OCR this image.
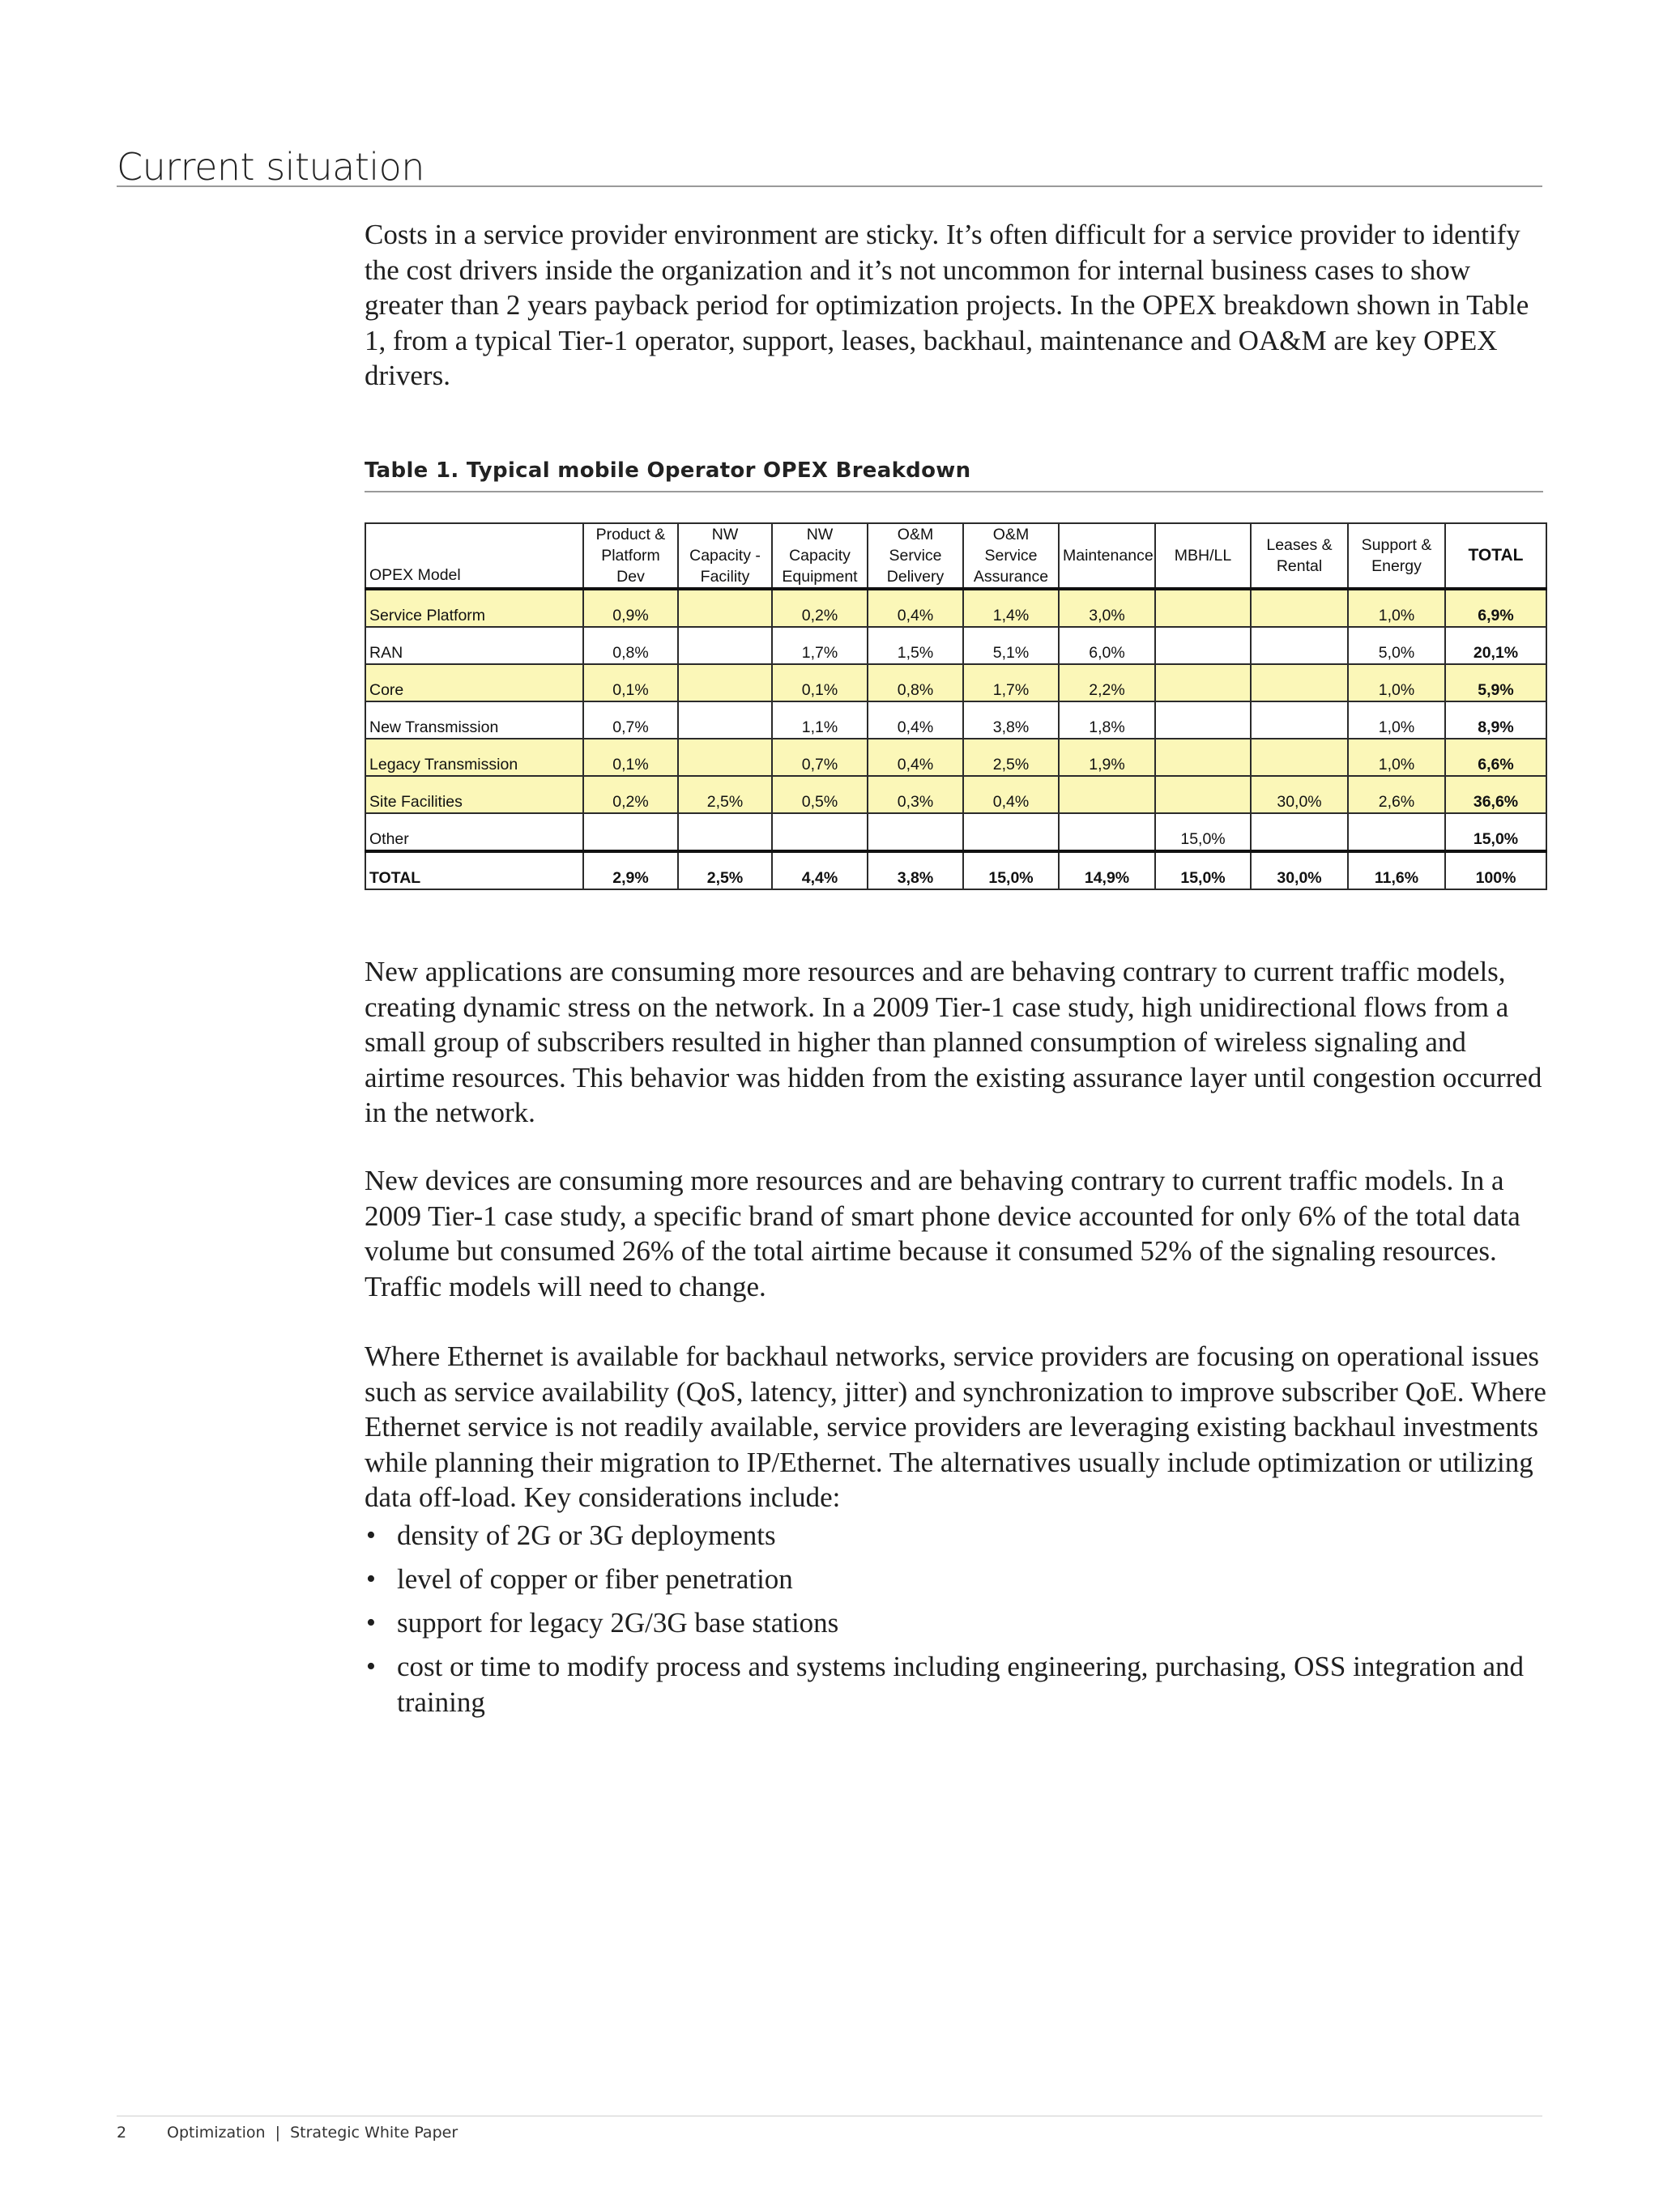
Current situation

Costs in a service provider environment are sticky. It’s often difficult for a service provider to identify the cost drivers inside the organization and it’s not uncommon for internal business cases to show greater than 2 years payback period for optimization projects. In the OPEX breakdown shown in Table 1, from a typical Tier-1 operator, support, leases, backhaul, maintenance and OA&M are key OPEX drivers.

Table 1. Typical mobile Operator OPEX Breakdown
OPEX Model	Product & Platform Dev	NW Capacity - Facility	NW Capacity Equipment	O&M Service Delivery	O&M Service Assurance	Maintenance	MBH/LL	Leases & Rental	Support & Energy	TOTAL
Service Platform	0,9%		0,2%	0,4%	1,4%	3,0%			1,0%	6,9%
RAN	0,8%		1,7%	1,5%	5,1%	6,0%			5,0%	20,1%
Core	0,1%		0,1%	0,8%	1,7%	2,2%			1,0%	5,9%
New Transmission	0,7%		1,1%	0,4%	3,8%	1,8%			1,0%	8,9%
Legacy Transmission	0,1%		0,7%	0,4%	2,5%	1,9%			1,0%	6,6%
Site Facilities	0,2%	2,5%	0,5%	0,3%	0,4%			30,0%	2,6%	36,6%
Other							15,0%			15,0%
TOTAL	2,9%	2,5%	4,4%	3,8%	15,0%	14,9%	15,0%	30,0%	11,6%	100%

New applications are consuming more resources and are behaving contrary to current traffic models, creating dynamic stress on the network. In a 2009 Tier-1 case study, high unidirectional flows from a small group of subscribers resulted in higher than planned consumption of wireless signaling and airtime resources. This behavior was hidden from the existing assurance layer until congestion occurred in the network.

New devices are consuming more resources and are behaving contrary to current traffic models. In a 2009 Tier-1 case study, a specific brand of smart phone device accounted for only 6% of the total data volume but consumed 26% of the total airtime because it consumed 52% of the signaling resources. Traffic models will need to change.

Where Ethernet is available for backhaul networks, service providers are focusing on operational issues such as service availability (QoS, latency, jitter) and synchronization to improve subscriber QoE. Where Ethernet service is not readily available, service providers are leveraging existing backhaul investments while planning their migration to IP/Ethernet. The alternatives usually include optimization or utilizing data off-load. Key considerations include:

• density of 2G or 3G deployments
• level of copper or fiber penetration
• support for legacy 2G/3G base stations
• cost or time to modify process and systems including engineering, purchasing, OSS integration and training
2	Optimization  |  Strategic White Paper
